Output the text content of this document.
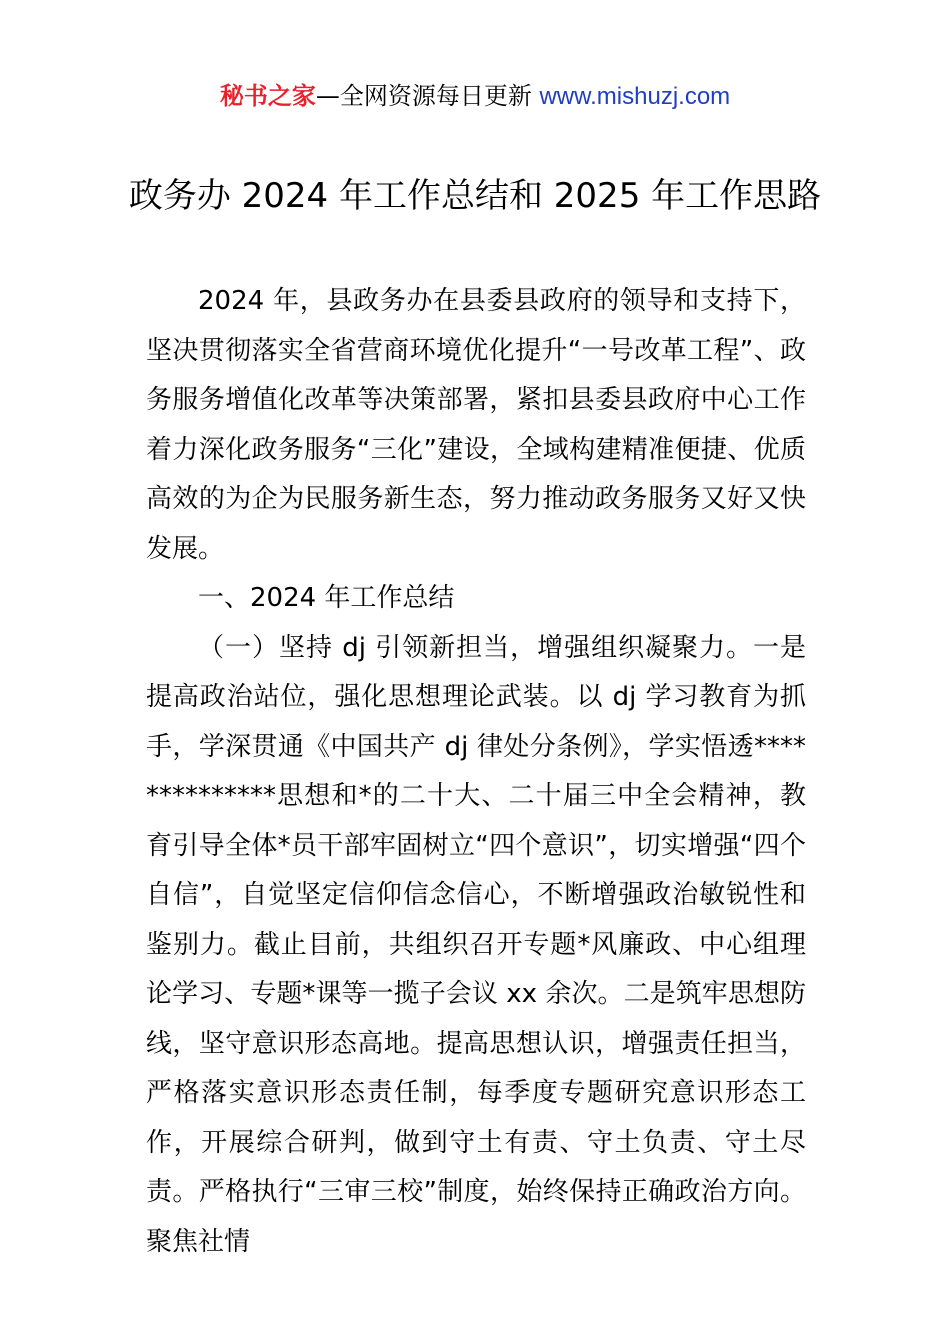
秘书之家—全网资源每日更新 www.mishuzj.com
政务办 2024 年工作总结和 2025 年工作思路

2024 年，县政务办在县委县政府的领导和支持下，坚决贯彻落实全省营商环境优化提升“一号改革工程”、政务服务增值化改革等决策部署，紧扣县委县政府中心工作着力深化政务服务“三化”建设，全域构建精准便捷、优质高效的为企为民服务新生态，努力推动政务服务又好又快发展。

一、2024 年工作总结

（一）坚持 dj 引领新担当，增强组织凝聚力。一是提高政治站位，强化思想理论武装。以 dj 学习教育为抓手，学深贯通《中国共产 dj 律处分条例》，学实悟透**************思想和*的二十大、二十届三中全会精神，教育引导全体*员干部牢固树立“四个意识”，切实增强“四个自信”，自觉坚定信仰信念信心，不断增强政治敏锐性和鉴别力。截止目前，共组织召开专题*风廉政、中心组理论学习、专题*课等一揽子会议 xx 余次。二是筑牢思想防线，坚守意识形态高地。提高思想认识，增强责任担当，严格落实意识形态责任制，每季度专题研究意识形态工作，开展综合研判，做到守土有责、守土负责、守土尽责。严格执行“三审三校”制度，始终保持正确政治方向。聚焦社情
